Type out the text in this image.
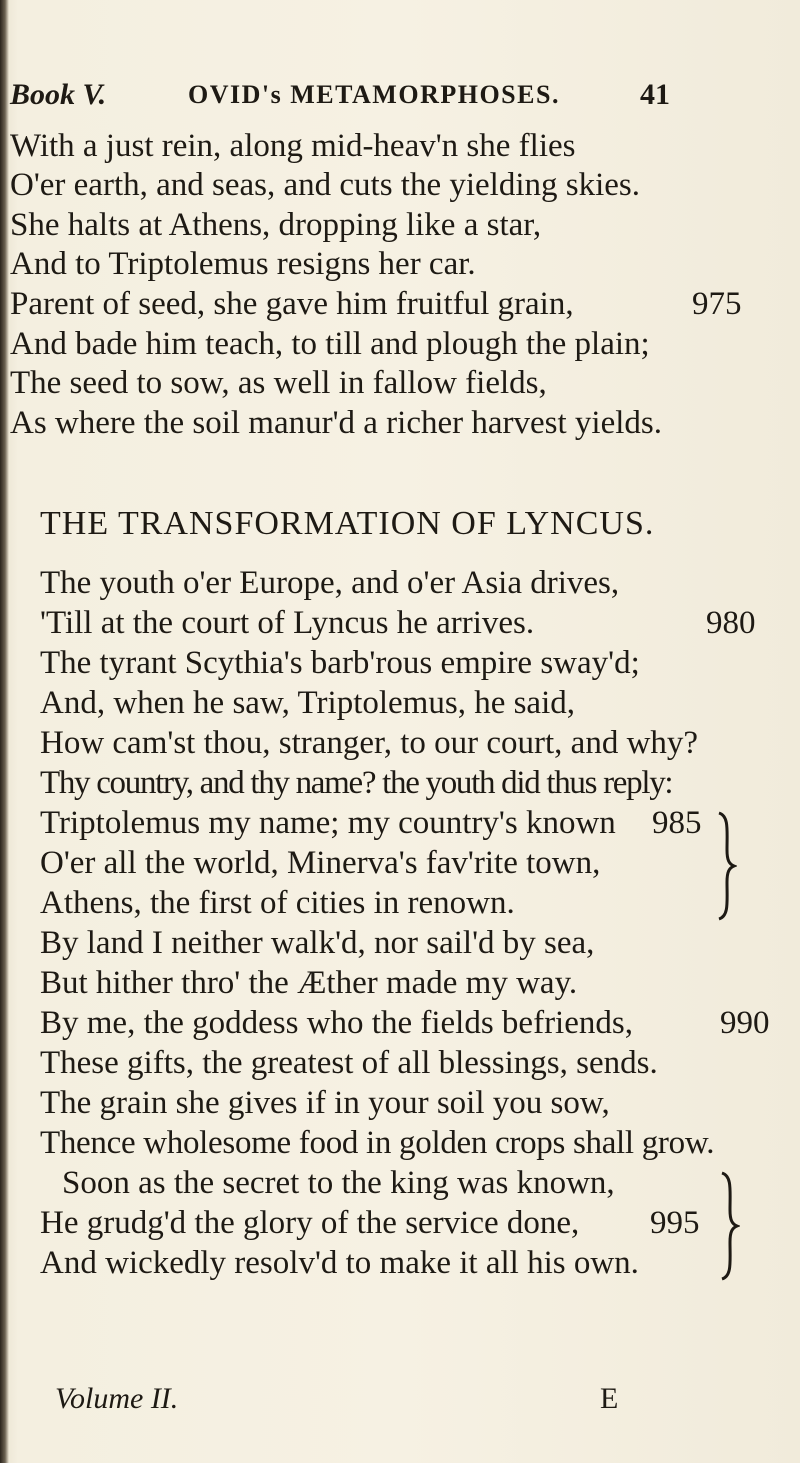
Book V.	OVID's METAMORPHOSES.	41
With a just rein, along mid-heav'n she flies
O'er earth, and seas, and cuts the yielding skies.
She halts at Athens, dropping like a star,
And to Triptolemus resigns her car.
Parent of seed, she gave him fruitful grain,	975
And bade him teach, to till and plough the plain;
The seed to sow, as well in fallow fields,
As where the soil manur'd a richer harvest yields.
THE TRANSFORMATION OF LYNCUS.
The youth o'er Europe, and o'er Asia drives,
'Till at the court of Lyncus he arrives.	980
The tyrant Scythia's barb'rous empire sway'd;
And, when he saw, Triptolemus, he said,
How cam'st thou, stranger, to our court, and why?
Thy country, and thy name? the youth did thus reply:
Triptolemus my name; my country's known 985
O'er all the world, Minerva's fav'rite town,
Athens, the first of cities in renown.
By land I neither walk'd, nor sail'd by sea,
But hither thro' the Æther made my way.
By me, the goddess who the fields befriends,	990
These gifts, the greatest of all blessings, sends.
The grain she gives if in your soil you sow,
Thence wholesome food in golden crops shall grow.
Soon as the secret to the king was known,
He grudg'd the glory of the service done, 995
And wickedly resolv'd to make it all his own.
Volume II.	E
